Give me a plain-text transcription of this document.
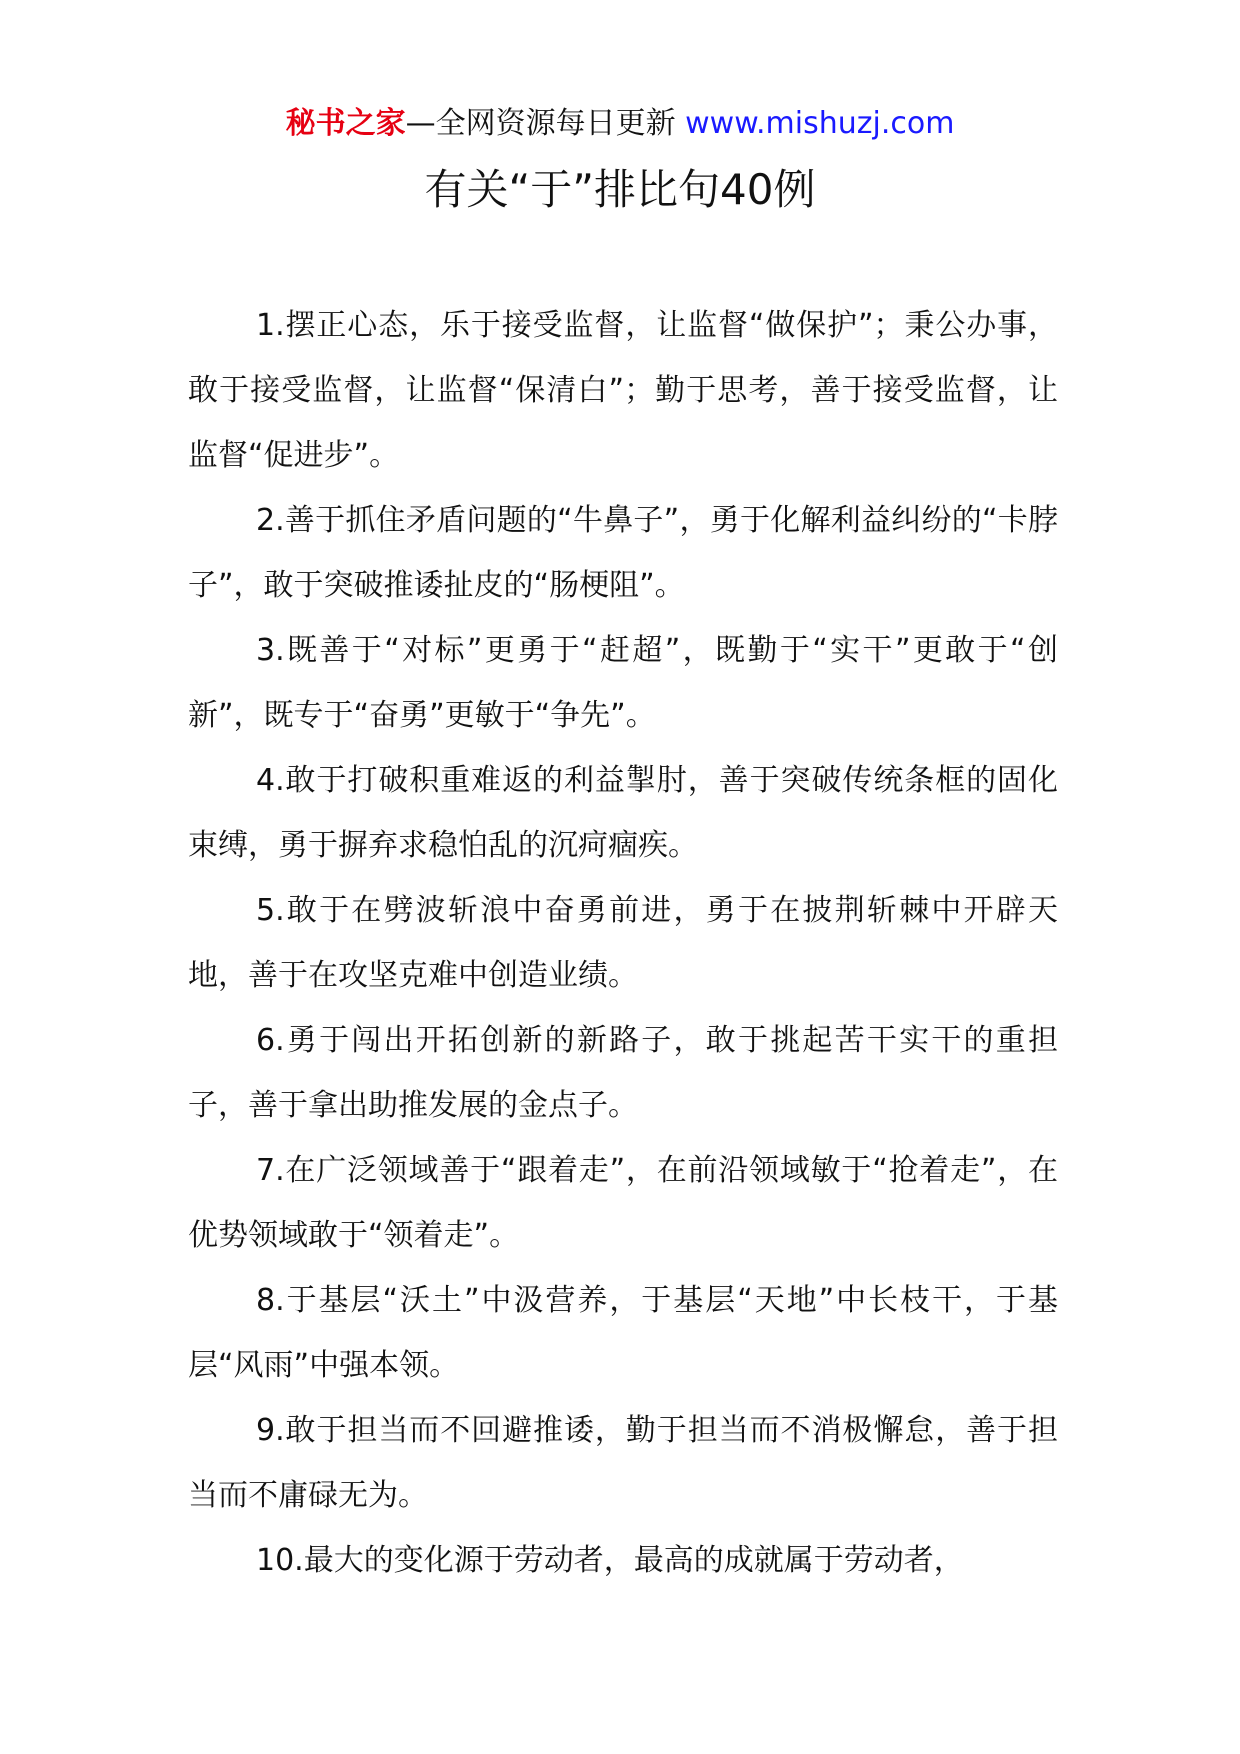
秘书之家—全网资源每日更新 www.mishuzj.com
有关“于”排比句40例

1.摆正心态，乐于接受监督，让监督“做保护”；秉公办事，敢于接受监督，让监督“保清白”；勤于思考，善于接受监督，让监督“促进步”。

2.善于抓住矛盾问题的“牛鼻子”，勇于化解利益纠纷的“卡脖子”，敢于突破推诿扯皮的“肠梗阻”。

3.既善于“对标”更勇于“赶超”，既勤于“实干”更敢于“创新”，既专于“奋勇”更敏于“争先”。

4.敢于打破积重难返的利益掣肘，善于突破传统条框的固化束缚，勇于摒弃求稳怕乱的沉疴痼疾。

5.敢于在劈波斩浪中奋勇前进，勇于在披荆斩棘中开辟天地，善于在攻坚克难中创造业绩。

6.勇于闯出开拓创新的新路子，敢于挑起苦干实干的重担子，善于拿出助推发展的金点子。

7.在广泛领域善于“跟着走”，在前沿领域敏于“抢着走”，在优势领域敢于“领着走”。

8.于基层“沃土”中汲营养，于基层“天地”中长枝干，于基层“风雨”中强本领。

9.敢于担当而不回避推诿，勤于担当而不消极懈怠，善于担当而不庸碌无为。

10.最大的变化源于劳动者，最高的成就属于劳动者，
